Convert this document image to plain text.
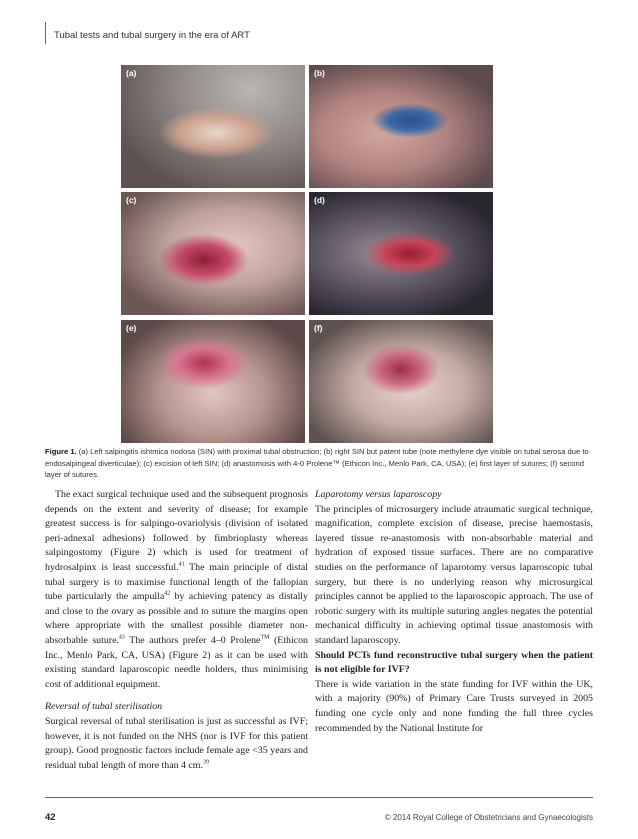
Tubal tests and tubal surgery in the era of ART
(a)	(b)
(c)	(d)
(e)	(f)

Figure 1. (a) Left salpingitis ishtmica nodosa (SIN) with proximal tubal obstruction; (b) right SIN but patent tube (note methylene dye visible on tubal serosa due to endosalpingeal diverticulae); (c) excision of left SIN; (d) anastomosis with 4-0 Prolene™ (Ethicon Inc., Menlo Park, CA, USA); (e) first layer of sutures; (f) second layer of sutures.

The exact surgical technique used and the subsequent prognosis depends on the extent and severity of disease; for example greatest success is for salpingo-ovariolysis (division of isolated peri-adnexal adhesions) followed by fimbrioplasty whereas salpingostomy (Figure 2) which is used for treatment of hydrosalpinx is least successful.$^{41}$ The main principle of distal tubal surgery is to maximise functional length of the fallopian tube particularly the ampulla$^{42}$ by achieving patency as distally and close to the ovary as possible and to suture the margins open where appropriate with the smallest possible diameter non-absorbable suture.$^{43}$ The authors prefer 4–0 Prolene™ (Ethicon Inc., Menlo Park, CA, USA) (Figure 2) as it can be used with existing standard laparoscopic needle holders, thus minimising cost of additional equipment.

Reversal of tubal sterilisation

Surgical reversal of tubal sterilisation is just as successful as IVF; however, it is not funded on the NHS (nor is IVF for this patient group). Good prognostic factors include female age <35 years and residual tubal length of more than 4 cm.$^{39}$

Laparotomy versus laparoscopy

The principles of microsurgery include atraumatic surgical technique, magnification, complete excision of disease, precise haemostasis, layered tissue re-anastomosis with non-absorbable material and hydration of exposed tissue surfaces. There are no comparative studies on the performance of laparotomy versus laparoscopic tubal surgery, but there is no underlying reason why microsurgical principles cannot be applied to the laparoscopic approach. The use of robotic surgery with its multiple suturing angles negates the potential mechanical difficulty in achieving optimal tissue anastomosis with standard laparoscopy.

Should PCTs fund reconstructive tubal surgery when the patient is not eligible for IVF?

There is wide variation in the state funding for IVF within the UK, with a majority (90%) of Primary Care Trusts surveyed in 2005 funding one cycle only and none funding the full three cycles recommended by the National Institute for

42	© 2014 Royal College of Obstetricians and Gynaecologists
